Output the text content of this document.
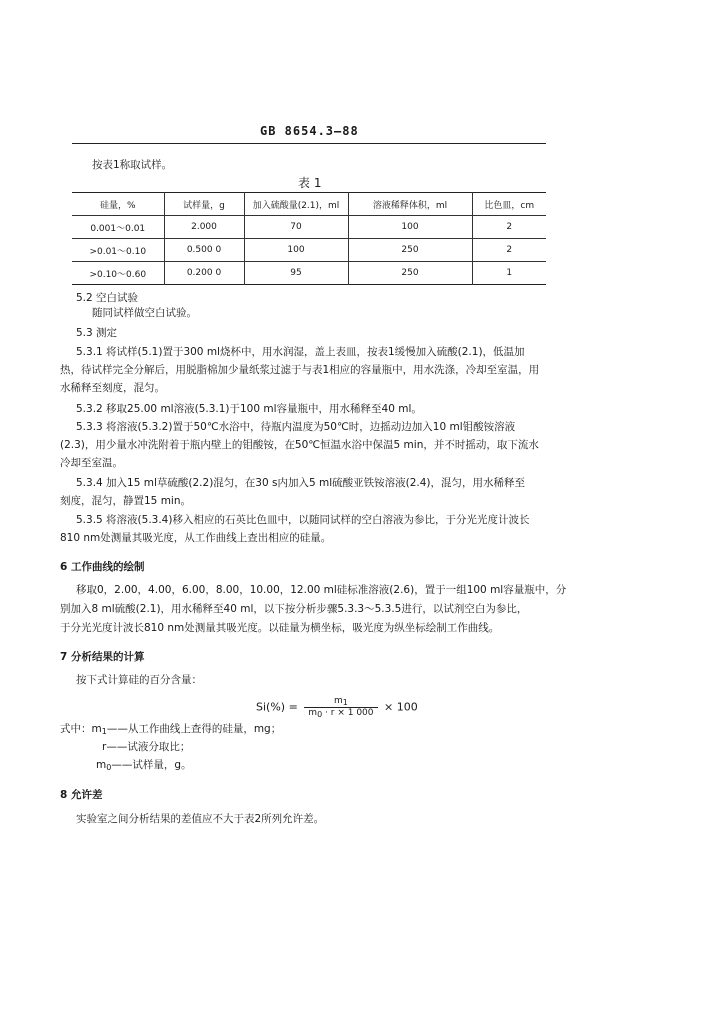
GB 8654.3—88
按表1称取试样。
表 1
硅量，%	试样量，g	加入硫酸量(2.1)，ml	溶液稀释体积，ml	比色皿，cm
0.001～0.01	2.000	70	100	2
>0.01～0.10	0.500 0	100	250	2
>0.10～0.60	0.200 0	95	250	1
5.2 空白试验
随同试样做空白试验。
5.3 测定
5.3.1 将试样(5.1)置于300 ml烧杯中，用水润湿，盖上表皿，按表1缓慢加入硫酸(2.1)，低温加
热，待试样完全分解后，用脱脂棉加少量纸浆过滤于与表1相应的容量瓶中，用水洗涤，冷却至室温，用
水稀释至刻度，混匀。
5.3.2 移取25.00 ml溶液(5.3.1)于100 ml容量瓶中，用水稀释至40 ml。
5.3.3 将溶液(5.3.2)置于50℃水浴中，待瓶内温度为50℃时，边摇动边加入10 ml钼酸铵溶液
(2.3)，用少量水冲洗附着于瓶内壁上的钼酸铵，在50℃恒温水浴中保温5 min，并不时摇动，取下流水
冷却至室温。
5.3.4 加入15 ml草硫酸(2.2)混匀，在30 s内加入5 ml硫酸亚铁铵溶液(2.4)，混匀，用水稀释至
刻度，混匀，静置15 min。
5.3.5 将溶液(5.3.4)移入相应的石英比色皿中，以随同试样的空白溶液为参比，于分光光度计波长
810 nm处测量其吸光度，从工作曲线上查出相应的硅量。
6 工作曲线的绘制
移取0，2.00，4.00，6.00，8.00，10.00，12.00 ml硅标准溶液(2.6)，置于一组100 ml容量瓶中，分
别加入8 ml硫酸(2.1)，用水稀释至40 ml，以下按分析步骤5.3.3～5.3.5进行，以试剂空白为参比，
于分光光度计波长810 nm处测量其吸光度。以硅量为横坐标，吸光度为纵坐标绘制工作曲线。
7 分析结果的计算
按下式计算硅的百分含量：
$Si(\%) = \frac{m1}{m0 \cdot r \times 1 000} \times 100$
式中：$m_1——$从工作曲线上查得的硅量，mg；
r——试液分取比；
$m_0——$试样量，g。
8 允许差
实验室之间分析结果的差值应不大于表2所列允许差。
